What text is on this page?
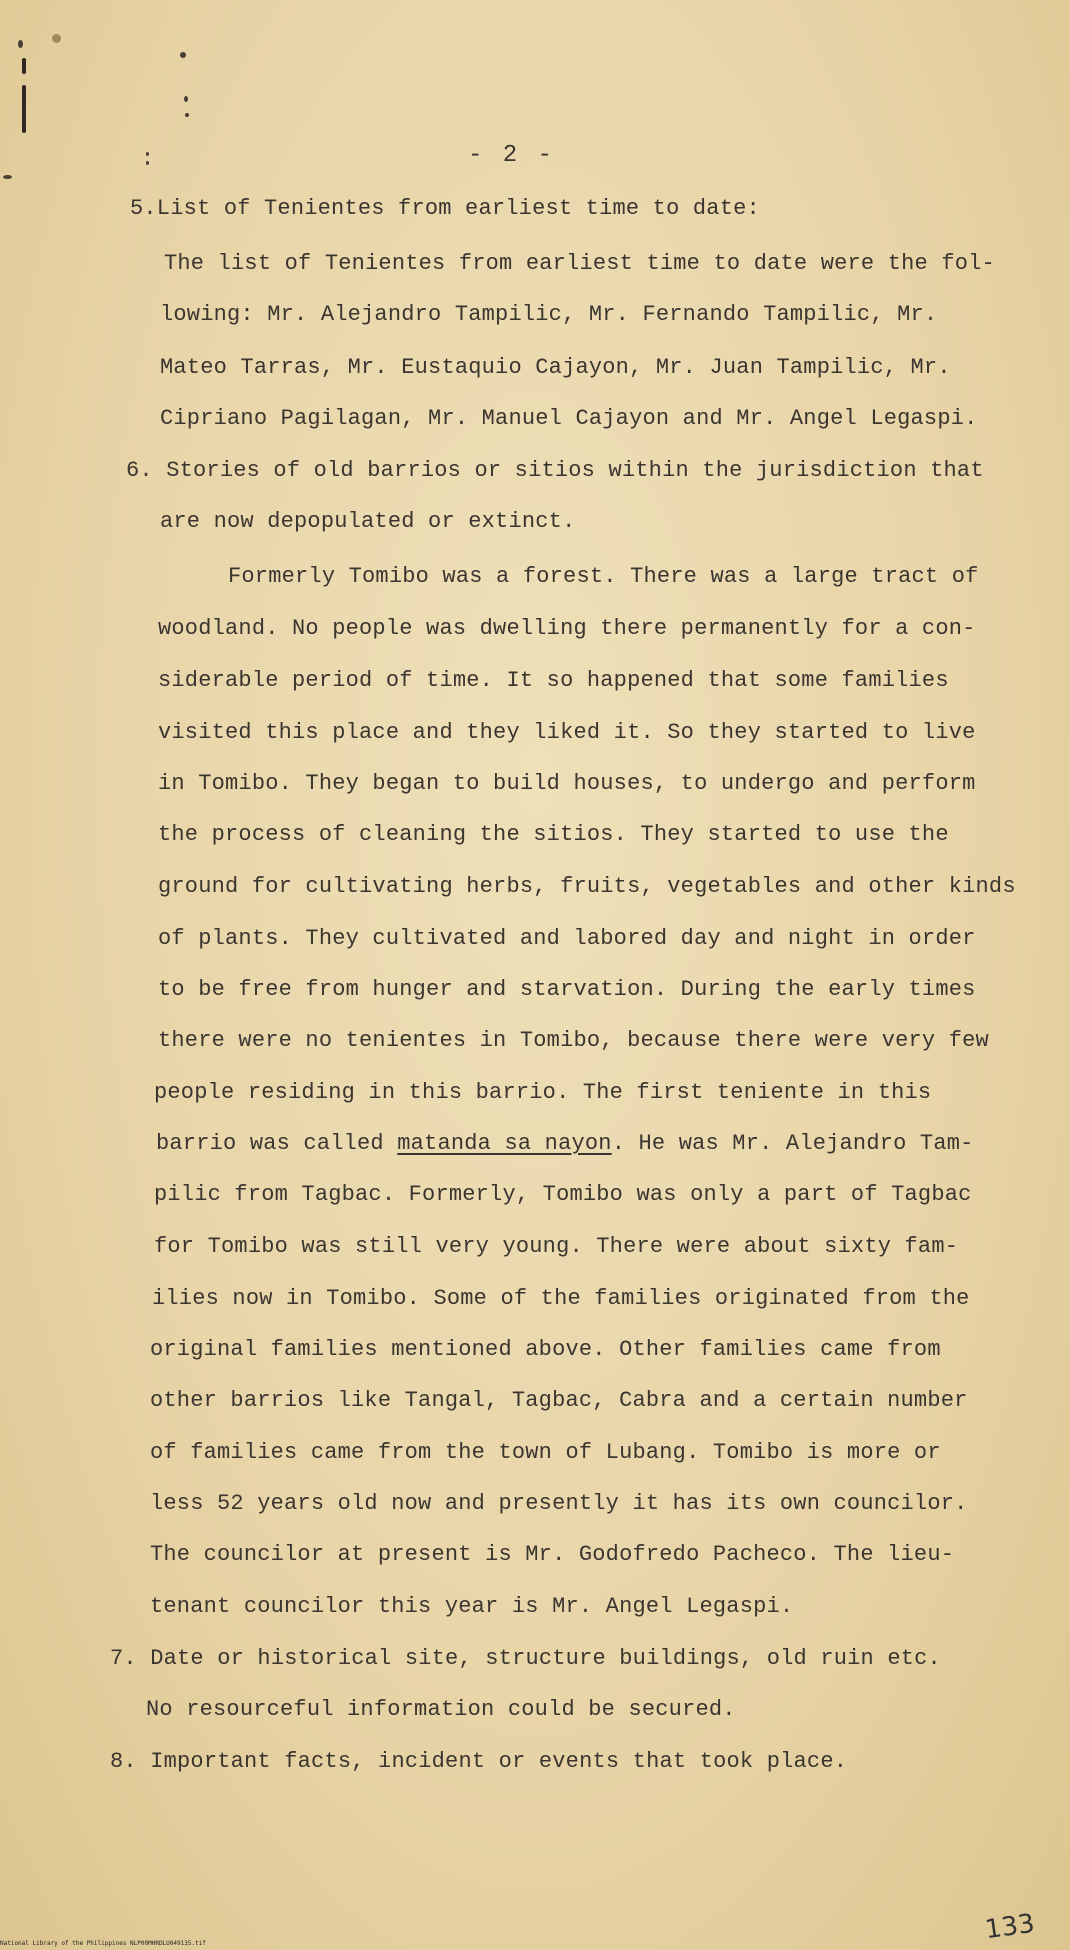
- 2 -
5.List of Tenientes from earliest time to date:
The list of Tenientes from earliest time to date were the fol-
lowing: Mr. Alejandro Tampilic, Mr. Fernando Tampilic, Mr.
Mateo Tarras, Mr. Eustaquio Cajayon, Mr. Juan Tampilic, Mr.
Cipriano Pagilagan, Mr. Manuel Cajayon and Mr. Angel Legaspi.
6. Stories of old barrios or sitios within the jurisdiction that
are now depopulated or extinct.
Formerly Tomibo was a forest. There was a large tract of
woodland. No people was dwelling there permanently for a con-
siderable period of time. It so happened that some families
visited this place and they liked it. So they started to live
in Tomibo. They began to build houses, to undergo and perform
the process of cleaning the sitios. They started to use the
ground for cultivating herbs, fruits, vegetables and other kinds
of plants. They cultivated and labored day and night in order
to be free from hunger and starvation. During the early times
there were no tenientes in Tomibo, because there were very few
people residing in this barrio. The first teniente in this
barrio was called matanda sa nayon. He was Mr. Alejandro Tam-
pilic from Tagbac. Formerly, Tomibo was only a part of Tagbac
for Tomibo was still very young. There were about sixty fam-
ilies now in Tomibo. Some of the families originated from the
original families mentioned above. Other families came from
other barrios like Tangal, Tagbac, Cabra and a certain number
of families came from the town of Lubang. Tomibo is more or
less 52 years old now and presently it has its own councilor.
The councilor at present is Mr. Godofredo Pacheco. The lieu-
tenant councilor this year is Mr. Angel Legaspi.
7. Date or historical site, structure buildings, old ruin etc.
No resourceful information could be secured.
8. Important facts, incident or events that took place.
133
National Library of the Philippines NLP00MHRDLU049135.tif
